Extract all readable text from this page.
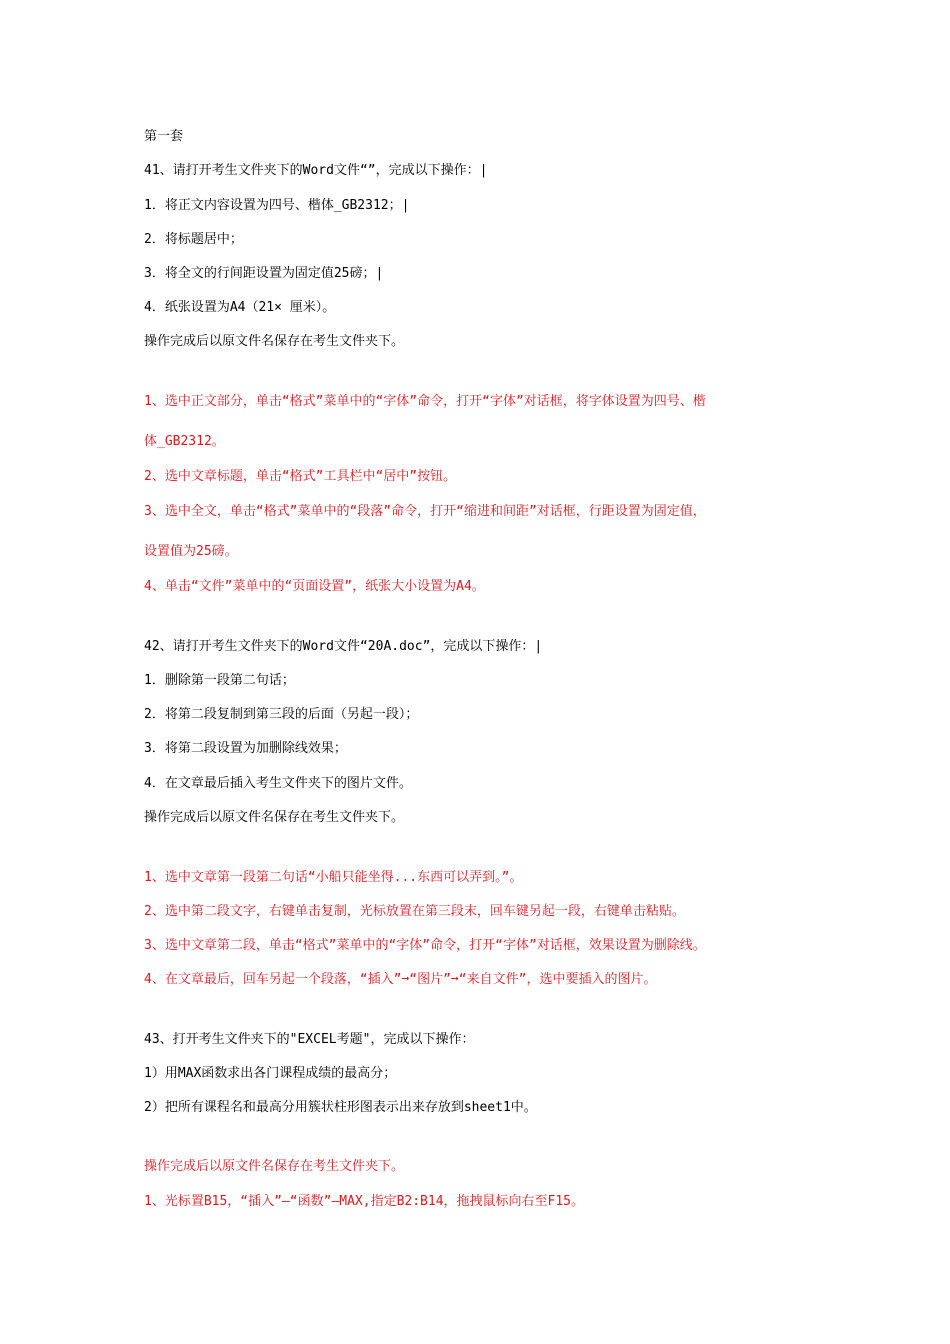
第一套
41、请打开考生文件夹下的Word文件“”，完成以下操作：|
1．将正文内容设置为四号、楷体_GB2312；|
2．将标题居中；
3．将全文的行间距设置为固定值25磅；|
4．纸张设置为A4（21× 厘米）。
操作完成后以原文件名保存在考生文件夹下。
1、选中正文部分，单击“格式”菜单中的“字体”命令，打开“字体”对话框，将字体设置为四号、楷
体_GB2312。
2、选中文章标题，单击“格式”工具栏中“居中”按钮。
3、选中全文，单击“格式”菜单中的“段落”命令，打开“缩进和间距”对话框，行距设置为固定值，
设置值为25磅。
4、单击“文件”菜单中的“页面设置”，纸张大小设置为A4。
42、请打开考生文件夹下的Word文件“20A.doc”，完成以下操作：|
1．删除第一段第二句话；
2．将第二段复制到第三段的后面（另起一段）；
3．将第二段设置为加删除线效果；
4．在文章最后插入考生文件夹下的图片文件。
操作完成后以原文件名保存在考生文件夹下。
1、选中文章第一段第二句话“小船只能坐得...东西可以弄到。”。
2、选中第二段文字，右键单击复制，光标放置在第三段末，回车键另起一段，右键单击粘贴。
3、选中文章第二段，单击“格式”菜单中的“字体”命令，打开“字体”对话框，效果设置为删除线。
4、在文章最后，回车另起一个段落，“插入”➞“图片”➞“来自文件”，选中要插入的图片。
43、打开考生文件夹下的"EXCEL考题"，完成以下操作：
1）用MAX函数求出各门课程成绩的最高分；
2）把所有课程名和最高分用簇状柱形图表示出来存放到sheet1中。
操作完成后以原文件名保存在考生文件夹下。
1、光标置B15，“插入”—“函数”—MAX,指定B2:B14，拖拽鼠标向右至F15。
